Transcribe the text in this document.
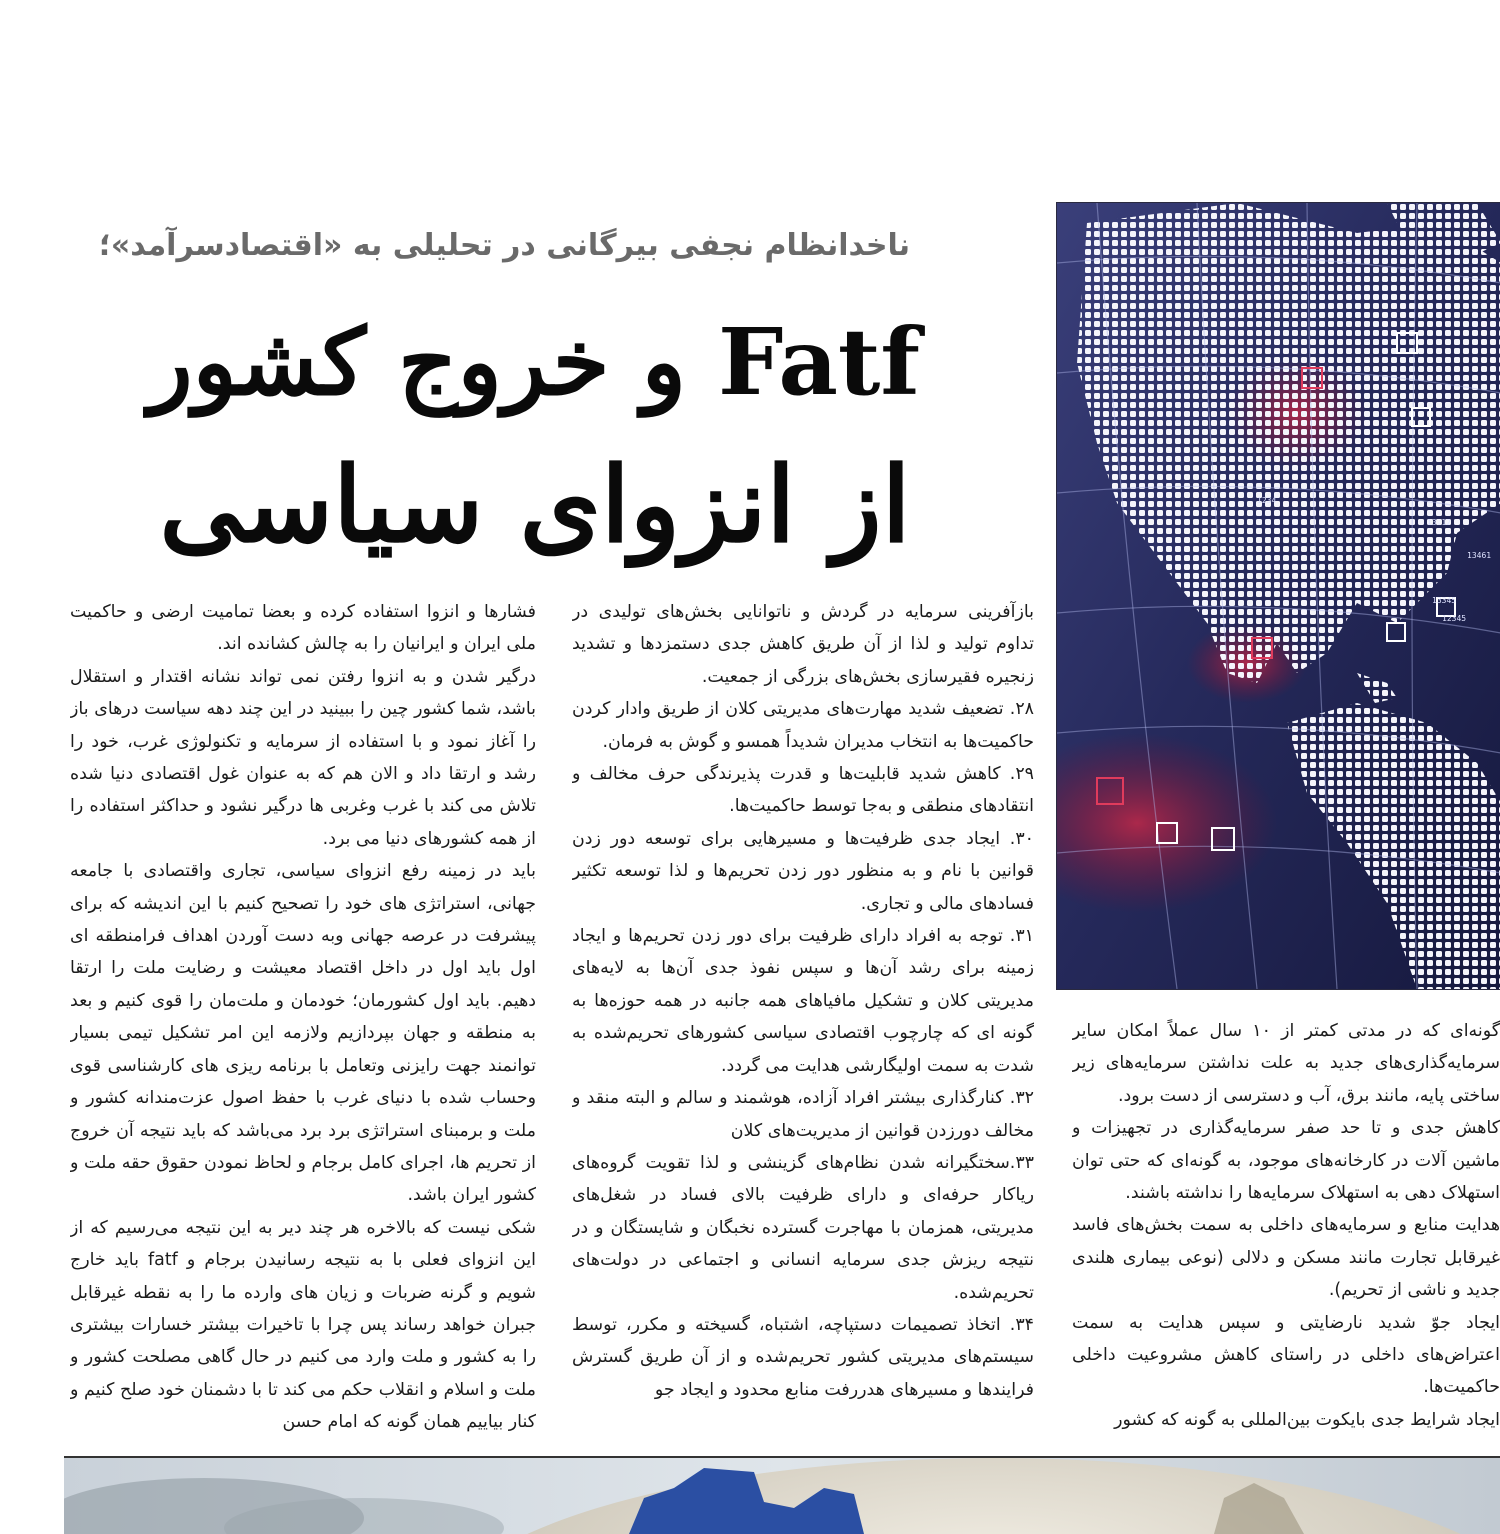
ناخدانظام نجفی بیرگانی در تحلیلی به «اقتصادسرآمد»؛
Fatf و خروج کشور
از انزوای سیاسی

فشارها و انزوا استفاده کرده و بعضا تمامیت ارضی و حاکمیت ملی ایران و ایرانیان را به چالش کشانده اند.

درگیر شدن و به انزوا رفتن نمی تواند نشانه اقتدار و استقلال باشد، شما کشور چین را ببینید در این چند دهه سیاست درهای باز را آغاز نمود و با استفاده از سرمایه و تکنولوژی غرب، خود را رشد و ارتقا داد و الان هم که به عنوان غول اقتصادی دنیا شده تلاش می کند با غرب وغربی ها درگیر نشود و حداکثر استفاده را از همه کشورهای دنیا می برد.

باید در زمینه رفع انزوای سیاسی، تجاری واقتصادی با جامعه جهانی، استراتژی های خود را تصحیح کنیم با این اندیشه که برای پیشرفت در عرصه جهانی وبه دست آوردن اهداف فرامنطقه ای اول باید اول در داخل اقتصاد معیشت و رضایت ملت را ارتقا دهیم. باید اول کشورمان؛ خودمان و ملت‌مان را قوی کنیم و بعد به منطقه و جهان بپردازیم ولازمه این امر تشکیل تیمی بسیار توانمند جهت رایزنی وتعامل با برنامه ریزی های کارشناسی قوی وحساب شده با دنیای غرب با حفظ اصول عزت‌مندانه کشور و ملت و برمبنای استراتژی برد برد می‌باشد که باید نتیجه آن خروج از تحریم ها، اجرای کامل برجام و لحاظ نمودن حقوق حقه ملت و کشور ایران باشد.

شکی نیست که بالاخره هر چند دیر به این نتیجه می‌رسیم که از این انزوای فعلی با به نتیجه رسانیدن برجام و fatf باید خارج شویم و گرنه ضربات و زیان های وارده ما را به نقطه غیرقابل جبران خواهد رساند پس چرا با تاخیرات بیشتر خسارات بیشتری را به کشور و ملت وارد می کنیم در حال گاهی مصلحت کشور و ملت و اسلام و انقلاب حکم می کند تا با دشمنان خود صلح کنیم و کنار بیاییم همان گونه که امام حسن

بازآفرینی سرمایه در گردش و ناتوانایی بخش‌های تولیدی در تداوم تولید و لذا از آن طریق کاهش جدی دستمزدها و تشدید زنجیره فقیرسازی بخش‌های بزرگی از جمعیت.

۲۸. تضعیف شدید مهارت‌های مدیریتی کلان از طریق وادار کردن حاکمیت‌ها به انتخاب مدیران شدیداً همسو و گوش به فرمان.

۲۹. کاهش شدید قابلیت‌ها و قدرت پذیرندگی حرف مخالف و انتقادهای منطقی و به‌جا توسط حاکمیت‌ها.

۳۰. ایجاد جدی ظرفیت‌ها و مسیرهایی برای توسعه دور زدن قوانین با نام و به منظور دور زدن تحریم‌ها و لذا توسعه تکثیر فسادهای مالی و تجاری.

۳۱. توجه به افراد دارای ظرفیت برای دور زدن تحریم‌ها و ایجاد زمینه برای رشد آن‌ها و سپس نفوذ جدی آن‌ها به لایه‌های مدیریتی کلان و تشکیل مافیاهای همه جانبه در همه حوزه‌ها به گونه ای که چارچوب اقتصادی سیاسی کشورهای تحریم‌شده به شدت به سمت اولیگارشی هدایت می گردد.

۳۲. کنارگذاری بیشتر افراد آزاده، هوشمند و سالم و البته منقد و مخالف دورزدن قوانین از مدیریت‌های کلان

۳۳.سختگیرانه شدن نظام‌های گزینشی و لذا تقویت گروه‌های ریاکار حرفه‌ای و دارای ظرفیت بالای فساد در شغل‌های مدیریتی، همزمان با مهاجرت گسترده نخبگان و شایستگان و در نتیجه ریزش جدی سرمایه انسانی و اجتماعی در دولت‌های تحریم‌شده.

۳۴. اتخاذ تصمیمات دستپاچه، اشتباه، گسیخته و مکرر، توسط سیستم‌های مدیریتی کشور تحریم‌شده و از آن طریق گسترش فرایندها و مسیرهای هدررفت منابع محدود و ایجاد جو

گونه‌ای که در مدتی کمتر از ۱۰ سال عملاً امکان سایر سرمایه‌گذاری‌های جدید به علت نداشتن سرمایه‌های زیر ساختی پایه، مانند برق، آب و دسترسی از دست برود.

کاهش جدی و تا حد صفر سرمایه‌گذاری در تجهیزات و ماشین آلات در کارخانه‌های موجود، به گونه‌ای که حتی توان استهلاک دهی به استهلاک سرمایه‌ها را نداشته باشند.

هدایت منابع و سرمایه‌های داخلی به سمت بخش‌های فاسد غیرقابل تجارت مانند مسکن و دلالی (نوعی بیماری هلندی جدید و ناشی از تحریم).

ایجاد جوّ شدید نارضایتی و سپس هدایت به سمت اعتراض‌های داخلی در راستای کاهش مشروعیت داخلی حاکمیت‌ها.

ایجاد شرایط جدی بایکوت بین‌المللی به گونه که کشور

13.12
13461
1234
12345
13345
